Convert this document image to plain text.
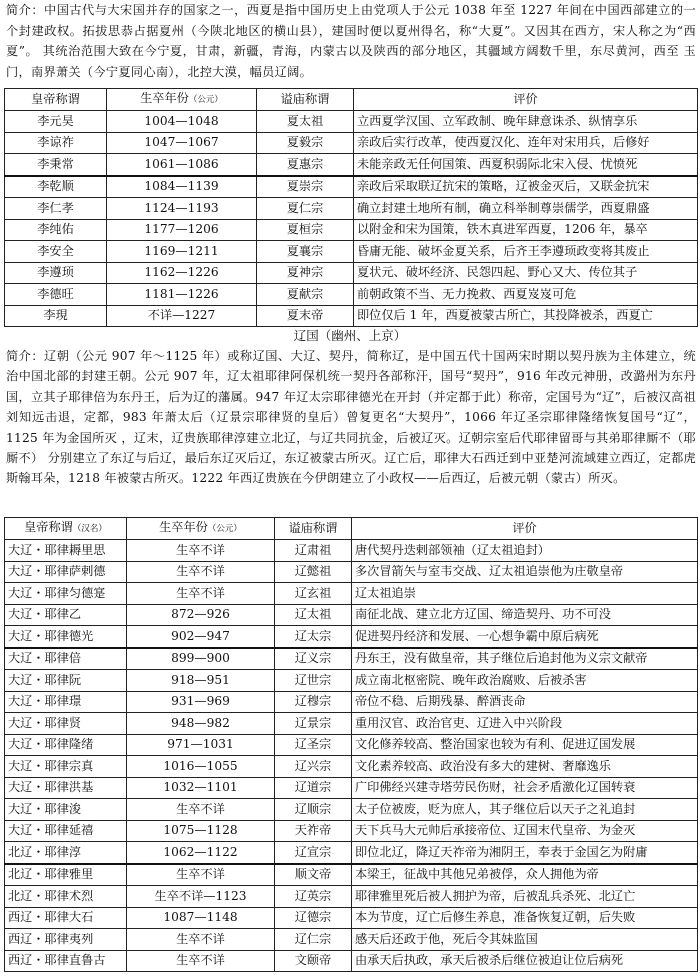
简介：中国古代与大宋国并存的国家之一，西夏是指中国历史上由党项人于公元 1038 年至 1227 年间在中国西部建立的一个封建政权。拓拔思恭占据夏州（今陕北地区的横山县），建国时便以夏州得名，称“大夏”。又因其在西方，宋人称之为“西夏”。 其统治范围大致在今宁夏，甘肃，新疆，青海，内蒙古以及陕西的部分地区，其疆域方阔数千里，东尽黄河，西至 玉门，南界萧关（今宁夏同心南），北控大漠，幅员辽阔。
皇帝称谓	生卒年份（公元）	谥庙称谓	评价
李元昊	1004—1048	夏太祖	立西夏学汉国、立军政制、晚年肆意诛杀、纵情享乐
李谅祚	1047—1067	夏毅宗	亲政后实行改革，使西夏汉化、连年对宋用兵，后修好
李秉常	1061—1086	夏惠宗	未能亲政无任何国策、西夏积弱际北宋入侵、忧愤死
李乾顺	1084—1139	夏崇宗	亲政后采取联辽抗宋的策略，辽被金灭后，又联金抗宋
李仁孝	1124—1193	夏仁宗	确立封建土地所有制，确立科举制尊崇儒学，西夏鼎盛
李纯佑	1177—1206	夏桓宗	以附金和宋为国策，铁木真进军西夏，1206 年，暴卒
李安全	1169—1211	夏襄宗	昏庸无能、破坏金夏关系，后齐王李遵顼政变将其废止
李遵顼	1162—1226	夏神宗	夏状元、破坏经济、民怨四起、野心又大、传位其子
李德旺	1181—1226	夏献宗	前朝政策不当、无力挽救、西夏岌岌可危
李現	不详—1227	夏末帝	即位仅后 1 年，西夏被蒙古所亡，其投降被杀，西夏亡
辽国（幽州、上京）
简介：辽朝（公元 907 年～1125 年）或称辽国、大辽、契丹，简称辽，是中国五代十国两宋时期以契丹族为主体建立，统治中国北部的封建王朝。公元 907 年，辽太祖耶律阿保机统一契丹各部称汗，国号“契丹”，916 年改元神册，改潞州为东丹国，立其子耶律倍为东丹王，后为辽的藩属。947 年辽太宗耶律德光在开封（并定都于此）称帝，定国号为“辽”，后被汉高祖刘知远击退，定都，983 年萧太后（辽景宗耶律贤的皇后）曾复更名“大契丹”，1066 年辽圣宗耶律隆绪恢复国号“辽”，1125 年为金国所灭 ，辽末，辽贵族耶律淳建立北辽，与辽共同抗金，后被辽灭。辽朝宗室后代耶律留哥与其弟耶律厮不（耶厮不） 分别建立了东辽与后辽，最后东辽灭后辽，东辽被蒙古所灭。辽亡后，耶律大石西迁到中亚楚河流域建立西辽，定都虎斯翰耳朵，1218 年被蒙古所灭。1222 年西辽贵族在今伊朗建立了小政权——后西辽，后被元朝（蒙古）所灭。
皇帝称谓（汉名）	生卒年份（公元）	谥庙称谓	评价
大辽・耶律耨里思	生卒不详	辽肃祖	唐代契丹迭剌部领袖（辽太祖追封）
大辽・耶律萨剌德	生卒不详	辽懿祖	多次冒箭矢与室韦交战、辽太祖追崇他为庄敬皇帝
大辽・耶律匀德寔	生卒不详	辽玄祖	辽太祖追崇
大辽・耶律乙	872—926	辽太祖	南征北战、建立北方辽国、缔造契丹、功不可没
大辽・耶律德光	902—947	辽太宗	促进契丹经济和发展、一心想争霸中原后病死
大辽・耶律倍	899—900	辽义宗	丹东王，没有做皇帝，其子继位后追封他为义宗文献帝
大辽・耶律阮	918—951	辽世宗	成立南北枢密院、晚年政治腐败、后被杀害
大辽・耶律璟	931—969	辽穆宗	帝位不稳、后期残暴、醉酒丧命
大辽・耶律贤	948—982	辽景宗	重用汉官、政治官吏、辽进入中兴阶段
大辽・耶律隆绪	971—1031	辽圣宗	文化修养较高、整治国家也较为有利、促进辽国发展
大辽・耶律宗真	1016—1055	辽兴宗	文化素养较高、政治没有多大的建树、奢靡逸乐
大辽・耶律洪基	1032—1101	辽道宗	广印佛经兴建寺塔劳民伤财，社会矛盾激化辽国转衰
大辽・耶律浚	生卒不详	辽顺宗	太子位被废，贬为庶人，其子继位后以天子之礼追封
大辽・耶律延禧	1075—1128	天祚帝	天下兵马大元帅后承接帝位、辽国末代皇帝、为金灭
北辽・耶律淳	1062—1122	辽宣宗	即位北辽，降辽天祚帝为湘阴王，奉表于金国乞为附庸
北辽・耶律雅里	生卒不详	顺文帝	本梁王，征战中其他兄弟被俘，众人拥他为帝
北辽・耶律术烈	生卒不详—1123	辽英宗	耶律雅里死后被人拥护为帝，后被乱兵杀死、北辽亡
西辽・耶律大石	1087—1148	辽德宗	本为节度，辽亡后修生养息，准备恢复辽朝，后失败
西辽・耶律夷列	生卒不详	辽仁宗	感天后还政于他，死后令其妹监国
西辽・耶律直鲁古	生卒不详	文颐帝	由承天后执政，承天后被杀后继位被迫让位后病死
